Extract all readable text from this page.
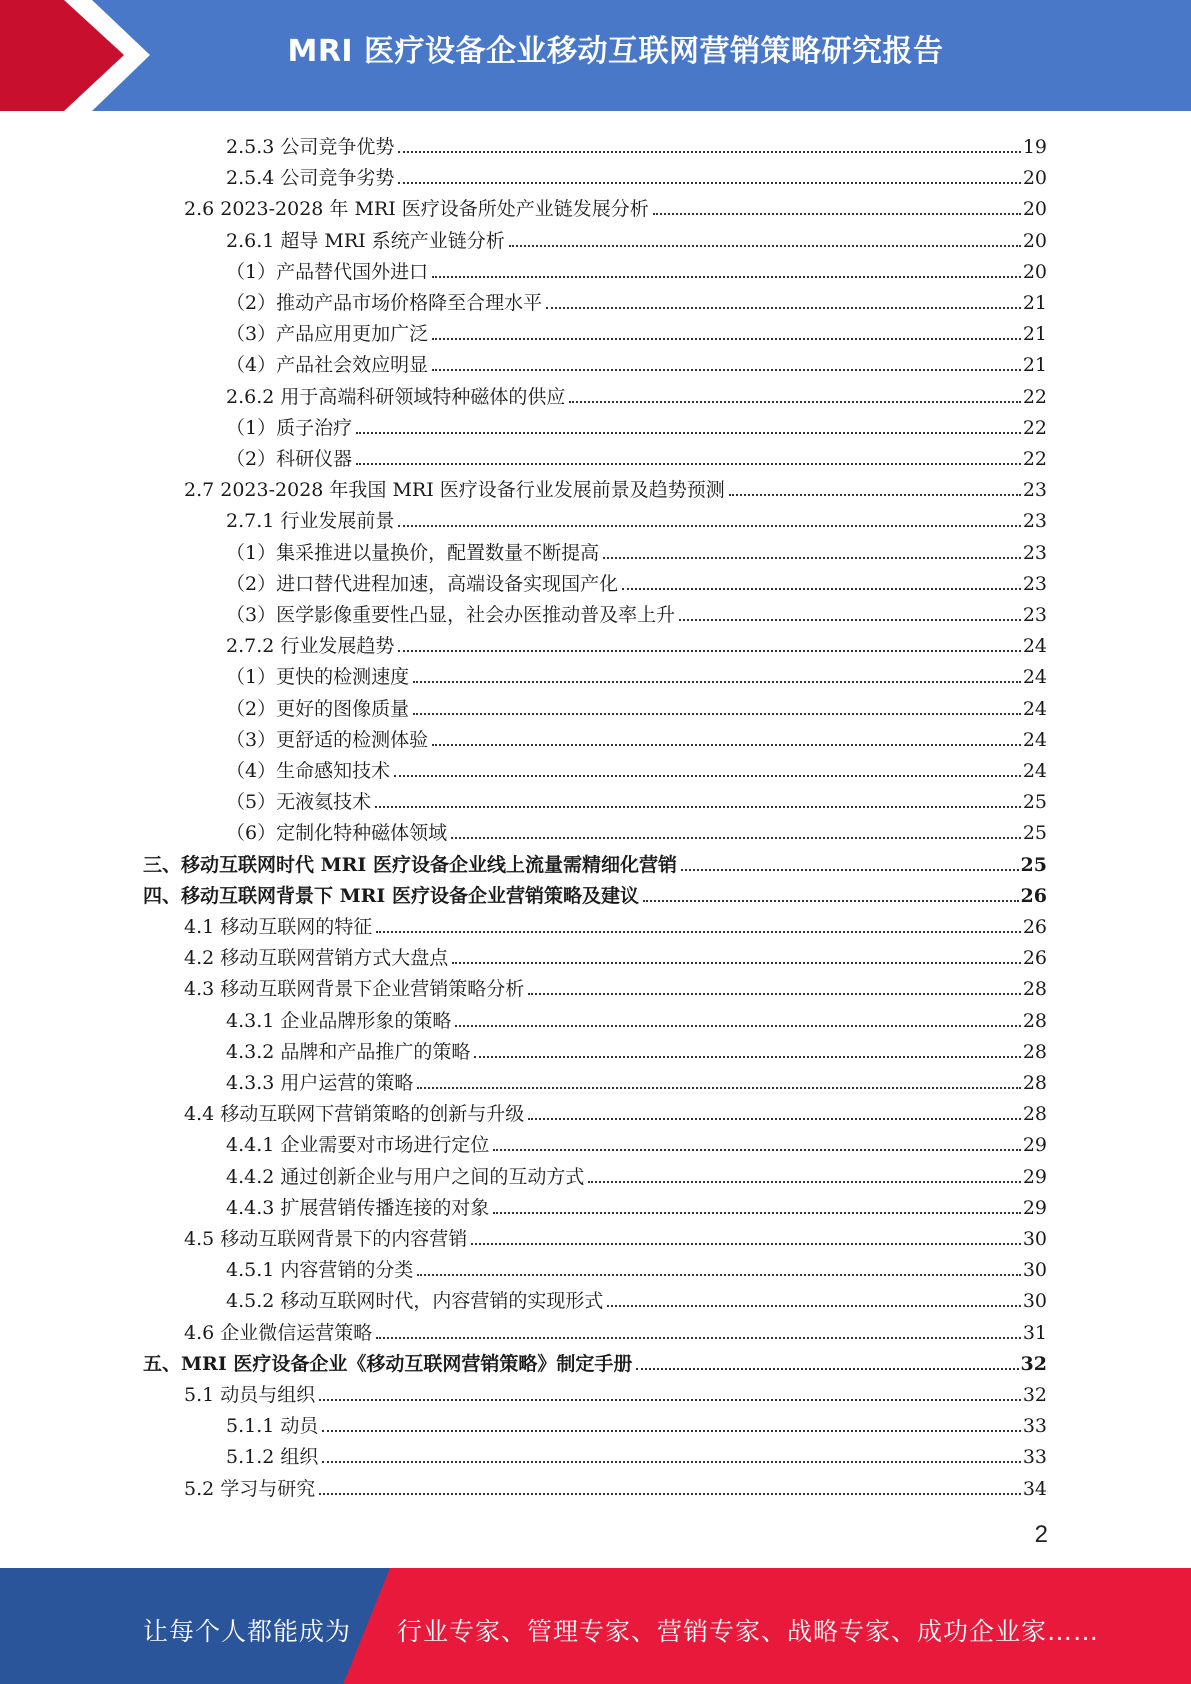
MRI 医疗设备企业移动互联网营销策略研究报告
2.5.3 公司竞争优势	19
2.5.4 公司竞争劣势	20
2.6 2023-2028 年 MRI 医疗设备所处产业链发展分析	20
2.6.1 超导 MRI 系统产业链分析	20
（1）产品替代国外进口	20
（2）推动产品市场价格降至合理水平	21
（3）产品应用更加广泛	21
（4）产品社会效应明显	21
2.6.2 用于高端科研领域特种磁体的供应	22
（1）质子治疗	22
（2）科研仪器	22
2.7 2023-2028 年我国 MRI 医疗设备行业发展前景及趋势预测	23
2.7.1 行业发展前景	23
（1）集采推进以量换价，配置数量不断提高	23
（2）进口替代进程加速，高端设备实现国产化	23
（3）医学影像重要性凸显，社会办医推动普及率上升	23
2.7.2 行业发展趋势	24
（1）更快的检测速度	24
（2）更好的图像质量	24
（3）更舒适的检测体验	24
（4）生命感知技术	24
（5）无液氦技术	25
（6）定制化特种磁体领域	25
三、移动互联网时代 MRI 医疗设备企业线上流量需精细化营销	25
四、移动互联网背景下 MRI 医疗设备企业营销策略及建议	26
4.1 移动互联网的特征	26
4.2 移动互联网营销方式大盘点	26
4.3 移动互联网背景下企业营销策略分析	28
4.3.1 企业品牌形象的策略	28
4.3.2 品牌和产品推广的策略	28
4.3.3 用户运营的策略	28
4.4 移动互联网下营销策略的创新与升级	28
4.4.1 企业需要对市场进行定位	29
4.4.2 通过创新企业与用户之间的互动方式	29
4.4.3 扩展营销传播连接的对象	29
4.5 移动互联网背景下的内容营销	30
4.5.1 内容营销的分类	30
4.5.2 移动互联网时代，内容营销的实现形式	30
4.6 企业微信运营策略	31
五、MRI 医疗设备企业《移动互联网营销策略》制定手册	32
5.1 动员与组织	32
5.1.1 动员	33
5.1.2 组织	33
5.2 学习与研究	34
2
让每个人都能成为 行业专家、管理专家、营销专家、战略专家、成功企业家……
